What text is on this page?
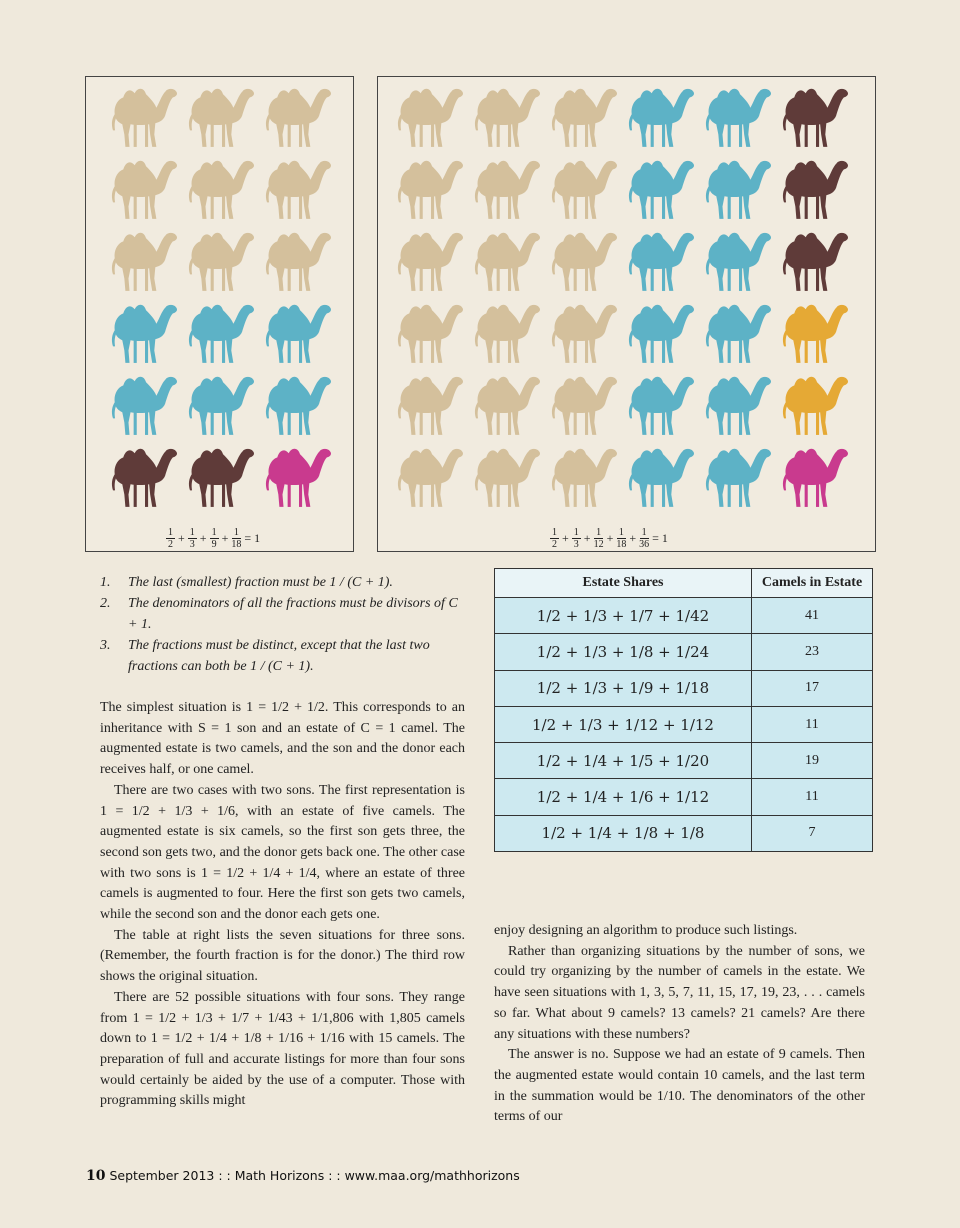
$\frac{1}{2} + \frac{1}{3} + \frac{1}{9} + \frac{1}{18} = 1$	$\frac{1}{2} + \frac{1}{3} + \frac{1}{12} + \frac{1}{18} + \frac{1}{36} = 1$
1.	The last (smallest) fraction must be 1 / (C + 1).
2.	The denominators of all the fractions must be divisors of C + 1.
3.	The fractions must be distinct, except that the last two fractions can both be 1 / (C + 1).

The simplest situation is 1 = 1/2 + 1/2. This corresponds to an inheritance with S = 1 son and an estate of C = 1 camel. The augmented estate is two camels, and the son and the donor each receives half, or one camel.

There are two cases with two sons. The first representation is 1 = 1/2 + 1/3 + 1/6, with an estate of five camels. The augmented estate is six camels, so the first son gets three, the second son gets two, and the donor gets back one. The other case with two sons is 1 = 1/2 + 1/4 + 1/4, where an estate of three camels is augmented to four. Here the first son gets two camels, while the second son and the donor each gets one.

The table at right lists the seven situations for three sons. (Remember, the fourth fraction is for the donor.) The third row shows the original situation.

There are 52 possible situations with four sons. They range from 1 = 1/2 + 1/3 + 1/7 + 1/43 + 1/1,806 with 1,805 camels down to 1 = 1/2 + 1/4 + 1/8 + 1/16 + 1/16 with 15 camels. The preparation of full and accurate listings for more than four sons would certainly be aided by the use of a computer. Those with programming skills might

Estate Shares	Camels in Estate
1/2 + 1/3 + 1/7 + 1/42	41
1/2 + 1/3 + 1/8 + 1/24	23
1/2 + 1/3 + 1/9 + 1/18	17
1/2 + 1/3 + 1/12 + 1/12	11
1/2 + 1/4 + 1/5 + 1/20	19
1/2 + 1/4 + 1/6 + 1/12	11
1/2 + 1/4 + 1/8 + 1/8	7

enjoy designing an algorithm to produce such listings.

Rather than organizing situations by the number of sons, we could try organizing by the number of camels in the estate. We have seen situations with 1, 3, 5, 7, 11, 15, 17, 19, 23, . . . camels so far. What about 9 camels? 13 camels? 21 camels? Are there any situations with these numbers?

The answer is no. Suppose we had an estate of 9 camels. Then the augmented estate would contain 10 camels, and the last term in the summation would be 1/10. The denominators of the other terms of our

10 September 2013 : : Math Horizons : : www.maa.org/mathhorizons
